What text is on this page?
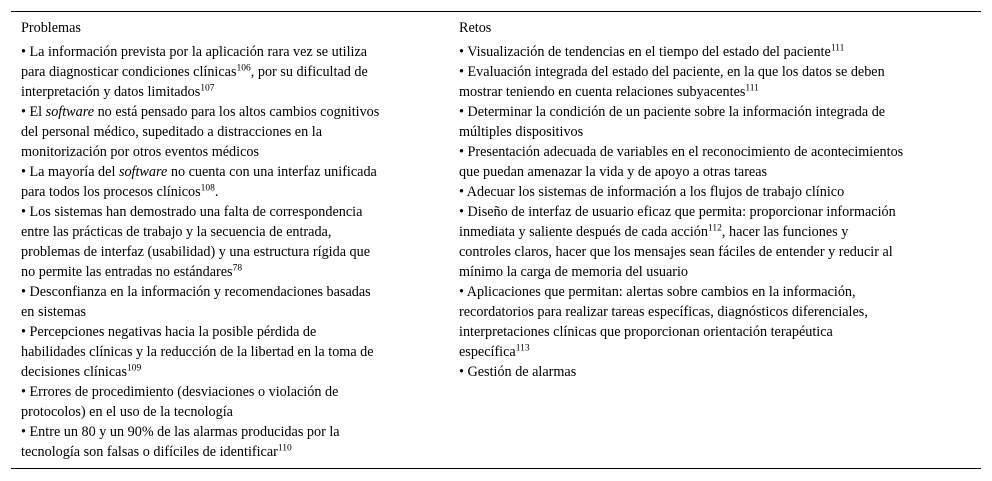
Problemas
• La información prevista por la aplicación rara vez se utiliza
para diagnosticar condiciones clínicas$^{106}$, por su dificultad de
interpretación y datos limitados$^{107}$
• El software no está pensado para los altos cambios cognitivos
del personal médico, supeditado a distracciones en la
monitorización por otros eventos médicos
• La mayoría del software no cuenta con una interfaz unificada
para todos los procesos clínicos$^{108}$.
• Los sistemas han demostrado una falta de correspondencia
entre las prácticas de trabajo y la secuencia de entrada,
problemas de interfaz (usabilidad) y una estructura rígida que
no permite las entradas no estándares$^{78}$
• Desconfianza en la información y recomendaciones basadas
en sistemas
• Percepciones negativas hacia la posible pérdida de
habilidades clínicas y la reducción de la libertad en la toma de
decisiones clínicas$^{109}$
• Errores de procedimiento (desviaciones o violación de
protocolos) en el uso de la tecnología
• Entre un 80 y un 90% de las alarmas producidas por la
tecnología son falsas o difíciles de identificar$^{110}$
Retos
• Visualización de tendencias en el tiempo del estado del paciente$^{111}$
• Evaluación integrada del estado del paciente, en la que los datos se deben
mostrar teniendo en cuenta relaciones subyacentes$^{111}$
• Determinar la condición de un paciente sobre la información integrada de
múltiples dispositivos
• Presentación adecuada de variables en el reconocimiento de acontecimientos
que puedan amenazar la vida y de apoyo a otras tareas
• Adecuar los sistemas de información a los flujos de trabajo clínico
• Diseño de interfaz de usuario eficaz que permita: proporcionar información
inmediata y saliente después de cada acción$^{112}$, hacer las funciones y
controles claros, hacer que los mensajes sean fáciles de entender y reducir al
mínimo la carga de memoria del usuario
• Aplicaciones que permitan: alertas sobre cambios en la información,
recordatorios para realizar tareas específicas, diagnósticos diferenciales,
interpretaciones clínicas que proporcionan orientación terapéutica
específica$^{113}$
• Gestión de alarmas
